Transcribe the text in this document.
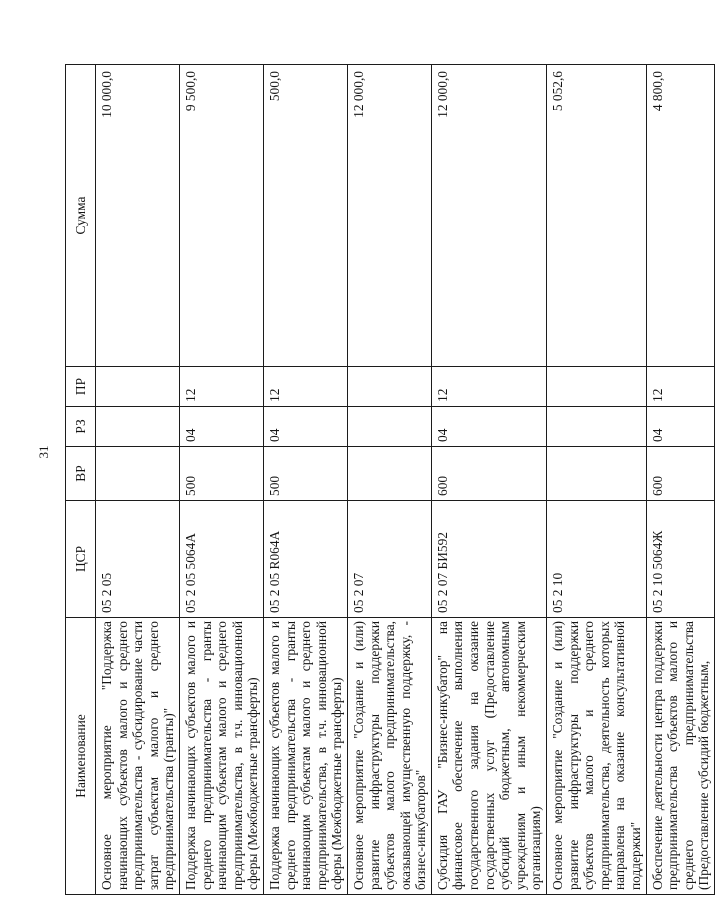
31
Наименование	ЦСР	ВР	РЗ	ПР	Сумма
Основное мероприятие "Поддержка начинающих субъектов малого и среднего предпринимательства - субсидирование части затрат субъектам малого и среднего предпринимательства (гранты)"	05 2 05				10 000,0
Поддержка начинающих субъектов малого и среднего предпринимательства - гранты начинающим субъектам малого и среднего предпринимательства, в т.ч. инновационной сферы (Межбюджетные трансферты)	05 2 05 5064А	500	04	12	9 500,0
Поддержка начинающих субъектов малого и среднего предпринимательства - гранты начинающим субъектам малого и среднего предпринимательства, в т.ч. инновационной сферы (Межбюджетные трансферты)	05 2 05 R064А	500	04	12	500,0
Основное мероприятие "Создание и (или) развитие инфраструктуры поддержки субъектов малого предпринимательства, оказывающей имущественную поддержку, - бизнес-инкубаторов"	05 2 07				12 000,0
Субсидия ГАУ "Бизнес-инкубатор" на финансовое обеспечение выполнения государственного задания на оказание государственных услуг (Предоставление субсидий бюджетным, автономным учреждениям и иным некоммерческим организациям)	05 2 07 БИ592	600	04	12	12 000,0
Основное мероприятие "Создание и (или) развитие инфраструктуры поддержки субъектов малого и среднего предпринимательства, деятельность которых направлена на оказание консультативной поддержки"	05 2 10				5 052,6
Обеспечение деятельности центра поддержки предпринимательства субъектов малого и среднего предпринимательства (Предоставление субсидий бюджетным,	05 2 10 5064Ж	600	04	12	4 800,0
